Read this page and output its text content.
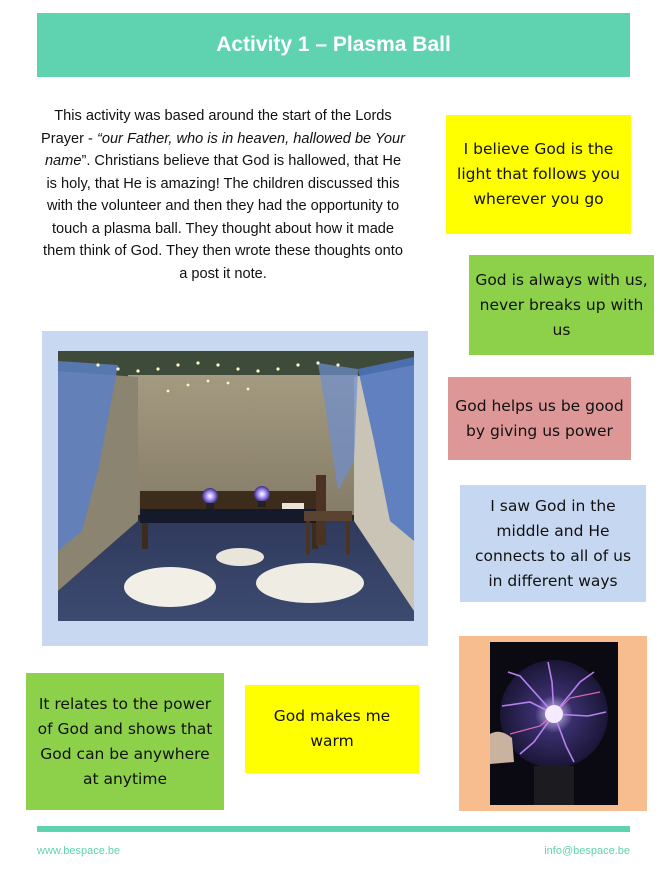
Activity 1 – Plasma Ball
This activity was based around the start of the Lords Prayer - “our Father, who is in heaven, hallowed be Your name”. Christians believe that God is hallowed, that He is holy, that He is amazing! The children discussed this with the volunteer and then they had the opportunity to touch a plasma ball. They thought about how it made them think of God. They then wrote these thoughts onto a post it note.
I believe God is the light that follows you wherever you go
God is always with us, never breaks up with us
God helps us be good by giving us power
I saw God in the middle and He connects to all of us in different ways
It relates to the power of God and shows that God can be anywhere at anytime
God makes me warm
www.bespace.be	info@bespace.be
